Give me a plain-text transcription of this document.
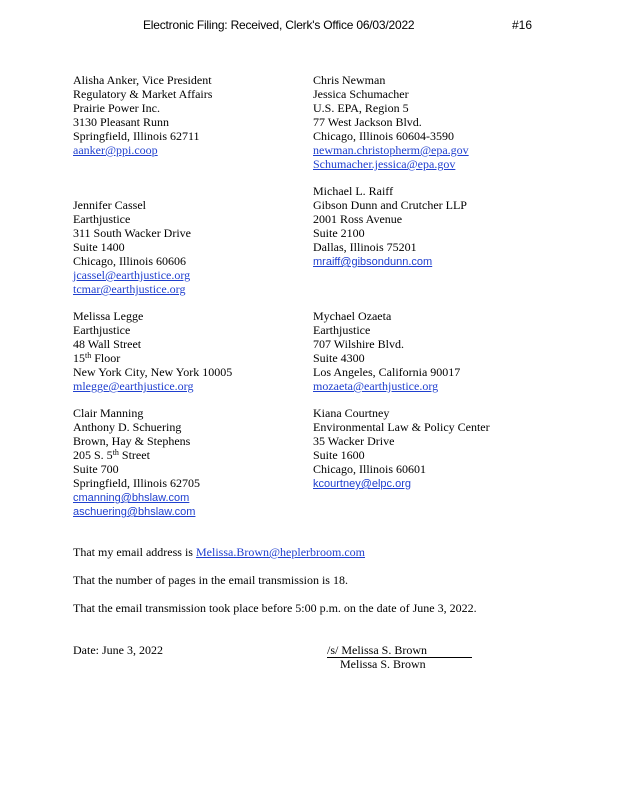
Electronic Filing: Received, Clerk's Office 06/03/2022	#16
Alisha Anker, Vice President
Regulatory & Market Affairs
Prairie Power Inc.
3130 Pleasant Runn
Springfield, Illinois 62711
aanker@ppi.coop
Chris Newman
Jessica Schumacher
U.S. EPA, Region 5
77 West Jackson Blvd.
Chicago, Illinois 60604-3590
newman.christopherm@epa.gov
Schumacher.jessica@epa.gov
Jennifer Cassel
Earthjustice
311 South Wacker Drive
Suite 1400
Chicago, Illinois 60606
jcassel@earthjustice.org
tcmar@earthjustice.org
Michael L. Raiff
Gibson Dunn and Crutcher LLP
2001 Ross Avenue
Suite 2100
Dallas, Illinois 75201
mraiff@gibsondunn.com
Melissa Legge
Earthjustice
48 Wall Street
15th Floor
New York City, New York 10005
mlegge@earthjustice.org
Mychael Ozaeta
Earthjustice
707 Wilshire Blvd.
Suite 4300
Los Angeles, California 90017
mozaeta@earthjustice.org
Clair Manning
Anthony D. Schuering
Brown, Hay & Stephens
205 S. 5th Street
Suite 700
Springfield, Illinois 62705
cmanning@bhslaw.com
aschuering@bhslaw.com
Kiana Courtney
Environmental Law & Policy Center
35 Wacker Drive
Suite 1600
Chicago, Illinois 60601
kcourtney@elpc.org
That my email address is Melissa.Brown@heplerbroom.com
That the number of pages in the email transmission is 18.
That the email transmission took place before 5:00 p.m. on the date of June 3, 2022.
Date: June 3, 2022	/s/ Melissa S. Brown
Melissa S. Brown
